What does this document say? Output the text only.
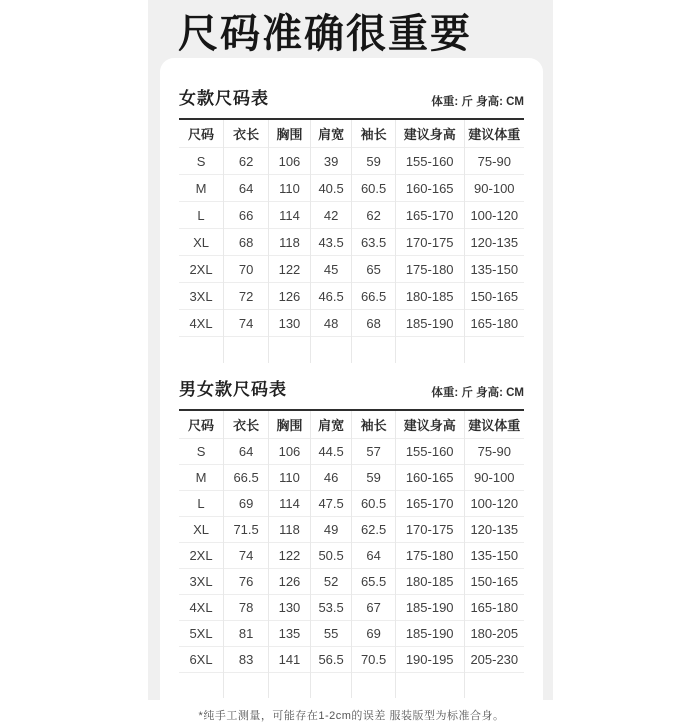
尺码准确很重要
女款尺码表	体重: 斤 身高: CM
尺码	衣长	胸围	肩宽	袖长	建议身高	建议体重
S	62	106	39	59	155-160	75-90
M	64	110	40.5	60.5	160-165	90-100
L	66	114	42	62	165-170	100-120
XL	68	118	43.5	63.5	170-175	120-135
2XL	70	122	45	65	175-180	135-150
3XL	72	126	46.5	66.5	180-185	150-165
4XL	74	130	48	68	185-190	165-180

男女款尺码表	体重: 斤 身高: CM
尺码	衣长	胸围	肩宽	袖长	建议身高	建议体重
S	64	106	44.5	57	155-160	75-90
M	66.5	110	46	59	160-165	90-100
L	69	114	47.5	60.5	165-170	100-120
XL	71.5	118	49	62.5	170-175	120-135
2XL	74	122	50.5	64	175-180	135-150
3XL	76	126	52	65.5	180-185	150-165
4XL	78	130	53.5	67	185-190	165-180
5XL	81	135	55	69	185-190	180-205
6XL	83	141	56.5	70.5	190-195	205-230

*纯手工测量，可能存在1-2cm的误差 服装版型为标准合身。
